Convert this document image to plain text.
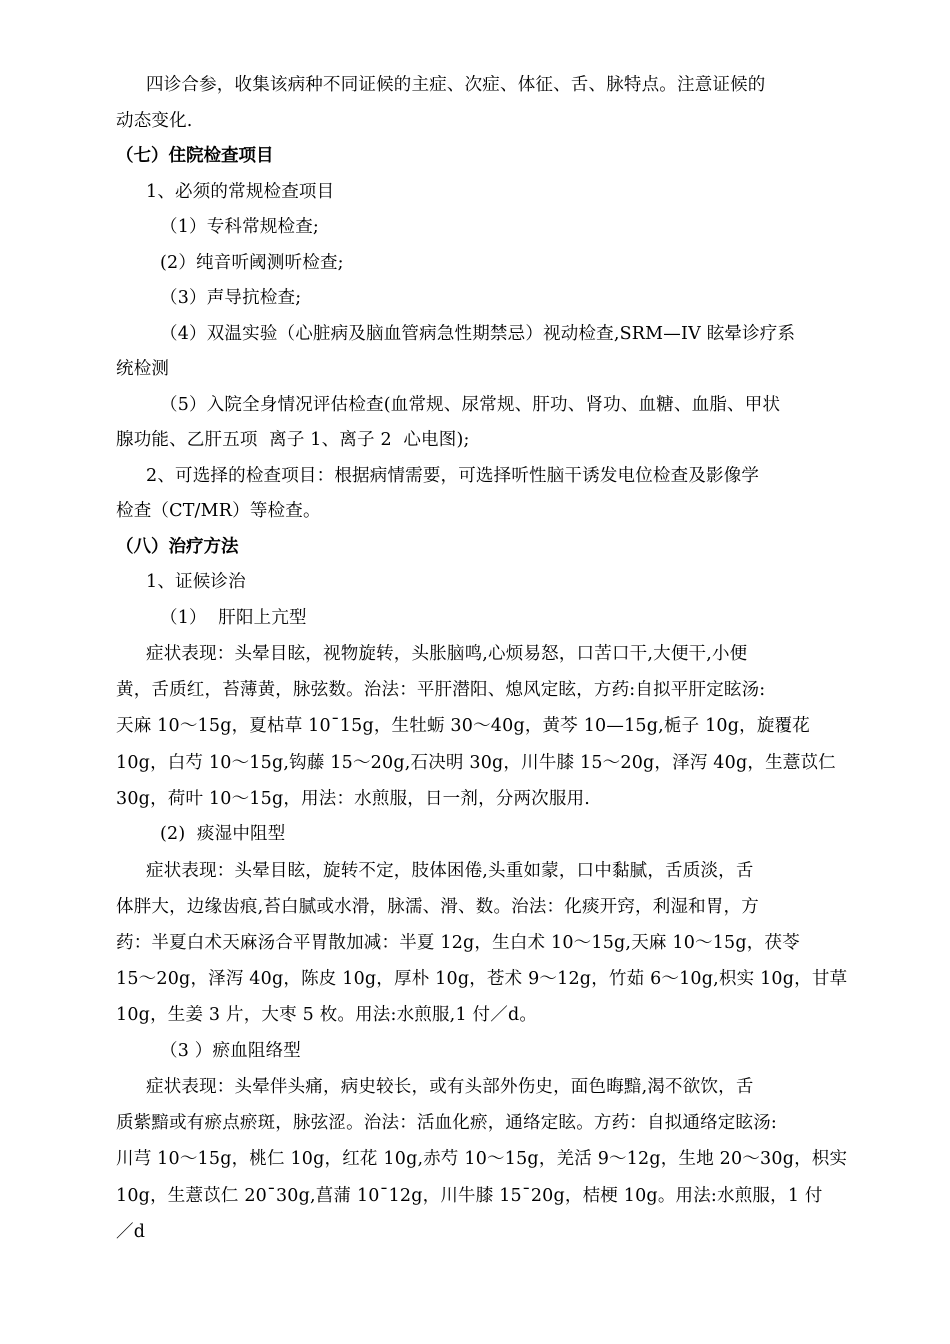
四诊合参，收集该病种不同证候的主症、次症、体征、舌、脉特点。注意证候的
动态变化.
（七）住院检查项目
1、必须的常规检查项目
（1）专科常规检查;
(2）纯音听阈测听检查;
（3）声导抗检查;
（4）双温实验（心脏病及脑血管病急性期禁忌）视动检查,SRM—IV 眩晕诊疗系
统检测
（5）入院全身情况评估检查(血常规、尿常规、肝功、肾功、血糖、血脂、甲状
腺功能、乙肝五项  离子 1、离子 2  心电图);
2、可选择的检查项目：根据病情需要，可选择听性脑干诱发电位检查及影像学
检查（CT/MR）等检查。
（八）治疗方法
1、证候诊治
（1）  肝阳上亢型
症状表现：头晕目眩，视物旋转，头胀脑鸣,心烦易怒，口苦口干,大便干,小便
黄，舌质红，苔薄黄，脉弦数。治法：平肝潜阳、熄风定眩，方药:自拟平肝定眩汤:
天麻 10～15g，夏枯草 10¯15g，生牡蛎 30～40g，黄芩 10—15g,栀子 10g，旋覆花
10g，白芍 10～15g,钩藤 15～20g,石决明 30g，川牛膝 15～20g，泽泻 40g，生薏苡仁
30g，荷叶 10～15g，用法：水煎服，日一剂，分两次服用.
(2)  痰湿中阻型
症状表现：头晕目眩，旋转不定，肢体困倦,头重如蒙，口中黏腻，舌质淡，舌
体胖大，边缘齿痕,苔白腻或水滑，脉濡、滑、数。治法：化痰开窍，利湿和胃，方
药：半夏白术天麻汤合平胃散加减：半夏 12g，生白术 10～15g,天麻 10～15g，茯苓
15～20g，泽泻 40g，陈皮 10g，厚朴 10g，苍术 9～12g，竹茹 6～10g,枳实 10g，甘草
10g，生姜 3 片，大枣 5 枚。用法:水煎服,1 付／d。
（3 ）瘀血阻络型
症状表现：头晕伴头痛，病史较长，或有头部外伤史，面色晦黯,渴不欲饮，舌
质紫黯或有瘀点瘀斑，脉弦涩。治法：活血化瘀，通络定眩。方药：自拟通络定眩汤:
川芎 10～15g，桃仁 10g，红花 10g,赤芍 10～15g，羌活 9～12g，生地 20～30g，枳实
10g，生薏苡仁 20¯30g,菖蒲 10¯12g，川牛膝 15¯20g，桔梗 10g。用法:水煎服，1 付
／d
